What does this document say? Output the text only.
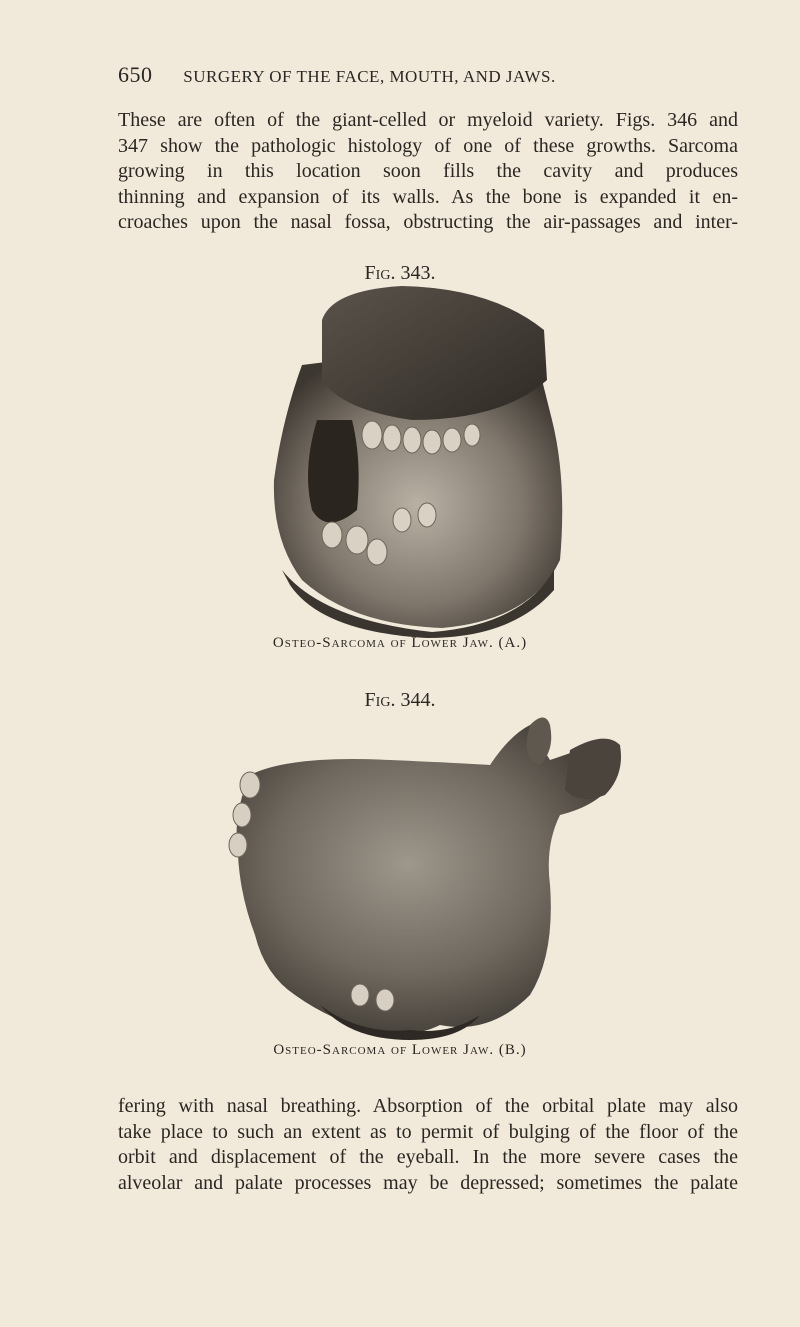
650 SURGERY OF THE FACE, MOUTH, AND JAWS.
These are often of the giant-celled or myeloid variety. Figs. 346 and
347 show the pathologic histology of one of these growths. Sarcoma
growing in this location soon fills the cavity and produces
thinning and expansion of its walls. As the bone is expanded it en-
croaches upon the nasal fossa, obstructing the air-passages and inter-
Fig. 343.
Osteo-Sarcoma of Lower Jaw. (A.)
Fig. 344.
Osteo-Sarcoma of Lower Jaw. (B.)
fering with nasal breathing. Absorption of the orbital plate may also
take place to such an extent as to permit of bulging of the floor of the
orbit and displacement of the eyeball. In the more severe cases the
alveolar and palate processes may be depressed; sometimes the palate
